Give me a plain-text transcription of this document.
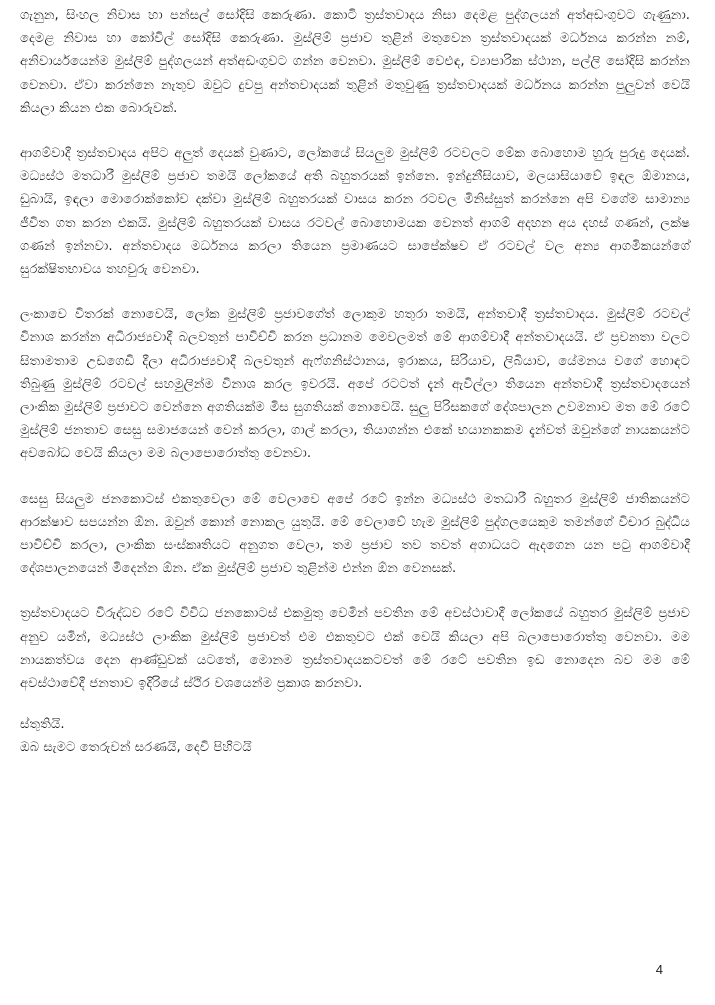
ගැනුන, සිංහල නිවාස හා පන්සල් සෝදිසි කෙරුණා. කොටි ත්‍රස්තවාදය නිසා දෙමළ පුද්ගලයන් අත්අඩංගුවට ගැණුනා. දෙමළ නිවාස හා කෝවිල් සෝදිසි කෙරුණා. මුස්ලිම් ප්‍රජාව තුළින් මතුවෙන ත්‍රස්තවාදයක් මර්ධනය කරන්න නම්, අනිවාර්යයෙන්ම මුස්ලිම් පුද්ගලයන් අත්අඩංගුවට ගන්න වෙනවා. මුස්ලිම් වෙළුඳ, ව්‍යාපාරික ස්ථාන, පල්ලි සෝදිසි කරන්න වෙනවා. ඒවා කරන්නෙ නැතුව ඔවුට දුවපු අන්තවාදයක් තුළින් මතුවුණු ත්‍රස්තවාදයක් මර්ධනය කරන්න පුලුවන් වෙයි කියලා කියන එක බොරුවක්.

ආගම්වාදී ත්‍රස්තවාදය අපිට අලුත් දෙයක් වුණාට, ලෝකයේ සියලුම මුස්ලිම් රටවලට මේක බොහොම හුරු පුරුදු දෙයක්. මධ්‍යස්ථ මතධාරී මුස්ලිම් ප්‍රජාව තමයි ලෝකයේ අති බහුතරයක් ඉන්නෙ. ඉන්දුනීසියාව, මලයාසියාවේ ඉඳල ඕමානය, ඩුබායි, ඉඳලා මොරොක්කෝව දක්වා මුස්ලිම් බහුතරයක් වාසය කරන රටවල මිනිස්සුත් කරන්නෙ අපි වගේම සාමාන්‍ය ජීවිත ගත කරන එකයි. මුස්ලිම් බහුතරයක් වාසය රටවල් බොහොමයක වෙනත් ආගම් අදහන අය දහස් ගණන්, ලක්ෂ ගණන් ඉන්නවා. අන්තවාදය මර්ධනය කරලා තියෙන ප්‍රමාණයට සාපේක්ෂව ඒ රටවල් වල අන්‍ය ආගමිකයන්ගේ සුරක්ෂිතභාවය තහවුරු වෙනවා.

ලංකාවෙ විතරක් නොවෙයි, ලෝක මුස්ලිම් ප්‍රජාවගේත් ලොකුම හතුරා තමයි, අන්තවාදී ත්‍රස්තවාදය. මුස්ලිම් රටවල් විනාශ කරන්න අධිරාජ්‍යවාදී බලවතුන් පාවිච්චි කරන ප්‍රධානම මෙවලමත් මේ ආගම්වාදී අන්තවාදයයි. ඒ ප්‍රවනතා වලට සිතාමතාම උඩගෙඩි දීලා අධිරාජ්‍යවාදී බලවතුන් ඇෆ්ගනිස්ථානය, ඉරාකය, සිරියාව, ලිබියාව, යේමනය වගේ හොඳට තිබුණු මුස්ලිම් රටවල් සහමුලින්ම විනාශ කරල ඉවරයි. අපේ රටටත් දැන් ඇවිල්ලා තියෙන අන්තවාදී ත්‍රස්තවාදයෙන් ලාංකික මුස්ලිම් ප්‍රජාවට වෙන්නෙ අගතියක්ම මිස සුගතියක් නොවෙයි. සුලු පිරිසකගේ දේශපාලන උවමනාව මත මේ රටේ මුස්ලිම් ජනතාව සෙසු සමාජයෙන් වෙන් කරලා, ගාල් කරලා, තියාගන්න එකේ භයානකකම දැන්වත් ඔවුන්ගේ නායකයන්ට අවබෝධ වෙයි කියලා මම බලාපොරොත්තු වෙනවා.

සෙසු සියලුම ජනකොටස් එකතුවෙලා මේ වෙලාවෙ අපේ රටේ ඉන්න මධ්‍යස්ථ මතධාරී බහුතර මුස්ලිම් ජාතිකයන්ට ආරක්ෂාව සපයන්න ඕන. ඔවුන් කොන් නොකල යුතුයි. මේ වෙලාවේ හැම මුස්ලිම් පුද්ගලයෙකුම තමන්ගේ විචාර බුද්ධිය පාවිච්චි කරලා, ලාංකික සංස්කෘතියට අනුගත වෙලා, තම ප්‍රජාව තව තවත් අගාධයට ඇදගෙන යන පටු ආගම්වාදී දේශපාලනයෙන් මිදෙන්න ඕන. ඒක මුස්ලිම් ප්‍රජාව තුළින්ම එන්න ඕන වෙනසක්.

ත්‍රස්තවාදයට විරුද්ධව රටේ විවිධ ජනකොටස් එකමුතු වෙමින් පවතින මේ අවස්ථාවාදී ලෝකයේ බහුතර මුස්ලිම් ප්‍රජාව අනුව යමින්, මධ්‍යස්ථ ලාංකික මුස්ලිම් ප්‍රජාවත් එම එකතුවට එක් වෙයි කියලා අපි බලාපොරොත්තු වෙනවා. මම නායකත්වය දෙන ආණ්ඩුවක් යටතේ, මොනම ත්‍රස්තවාදයකටවත් මේ රටේ පවතින ඉඩ නොදෙන බව මම මේ අවස්ථාවේදී ජනතාව ඉදිරියේ ස්ථිර වශයෙන්ම ප්‍රකාශ කරනවා.

ස්තුතියි.

ඔබ සැමට තෙරුවන් සරණයි, දෙවි පිහිටයි

4
